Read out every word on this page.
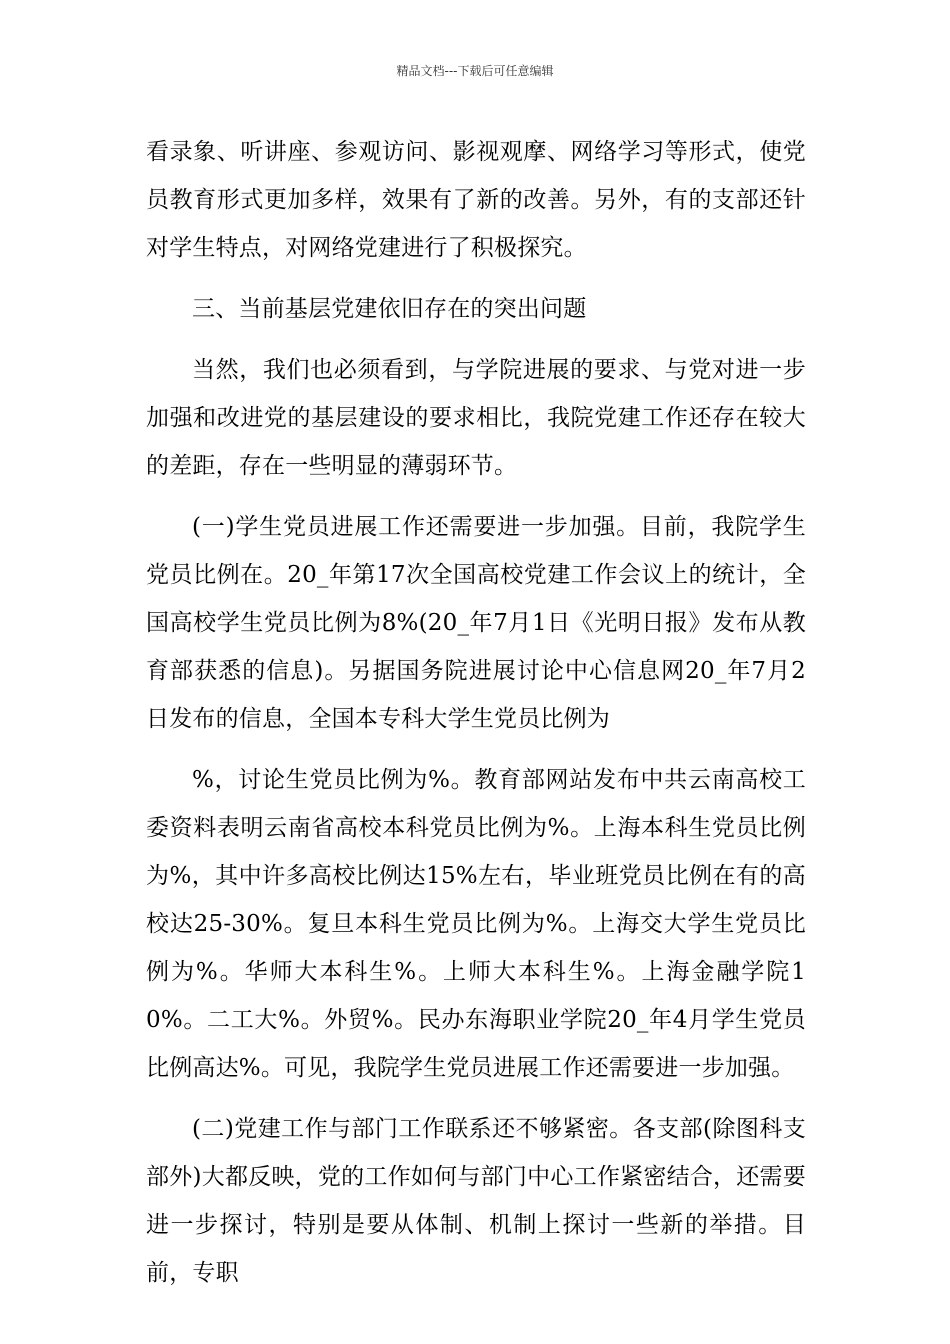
精品文档---下载后可任意编辑

看录象、听讲座、参观访问、影视观摩、网络学习等形式，使党员教育形式更加多样，效果有了新的改善。另外，有的支部还针对学生特点，对网络党建进行了积极探究。

三、当前基层党建依旧存在的突出问题

当然，我们也必须看到，与学院进展的要求、与党对进一步加强和改进党的基层建设的要求相比，我院党建工作还存在较大的差距，存在一些明显的薄弱环节。

(一)学生党员进展工作还需要进一步加强。目前，我院学生党员比例在。20_年第17次全国高校党建工作会议上的统计，全国高校学生党员比例为8%(20_年7月1日《光明日报》发布从教育部获悉的信息)。另据国务院进展讨论中心信息网20_年7月2日发布的信息，全国本专科大学生党员比例为

%，讨论生党员比例为%。教育部网站发布中共云南高校工委资料表明云南省高校本科党员比例为%。上海本科生党员比例为%，其中许多高校比例达15%左右，毕业班党员比例在有的高校达25-30%。复旦本科生党员比例为%。上海交大学生党员比例为%。华师大本科生%。上师大本科生%。上海金融学院10%。二工大%。外贸%。民办东海职业学院20_年4月学生党员比例高达%。可见，我院学生党员进展工作还需要进一步加强。

(二)党建工作与部门工作联系还不够紧密。各支部(除图科支部外)大都反映，党的工作如何与部门中心工作紧密结合，还需要进一步探讨，特别是要从体制、机制上探讨一些新的举措。目前，专职
